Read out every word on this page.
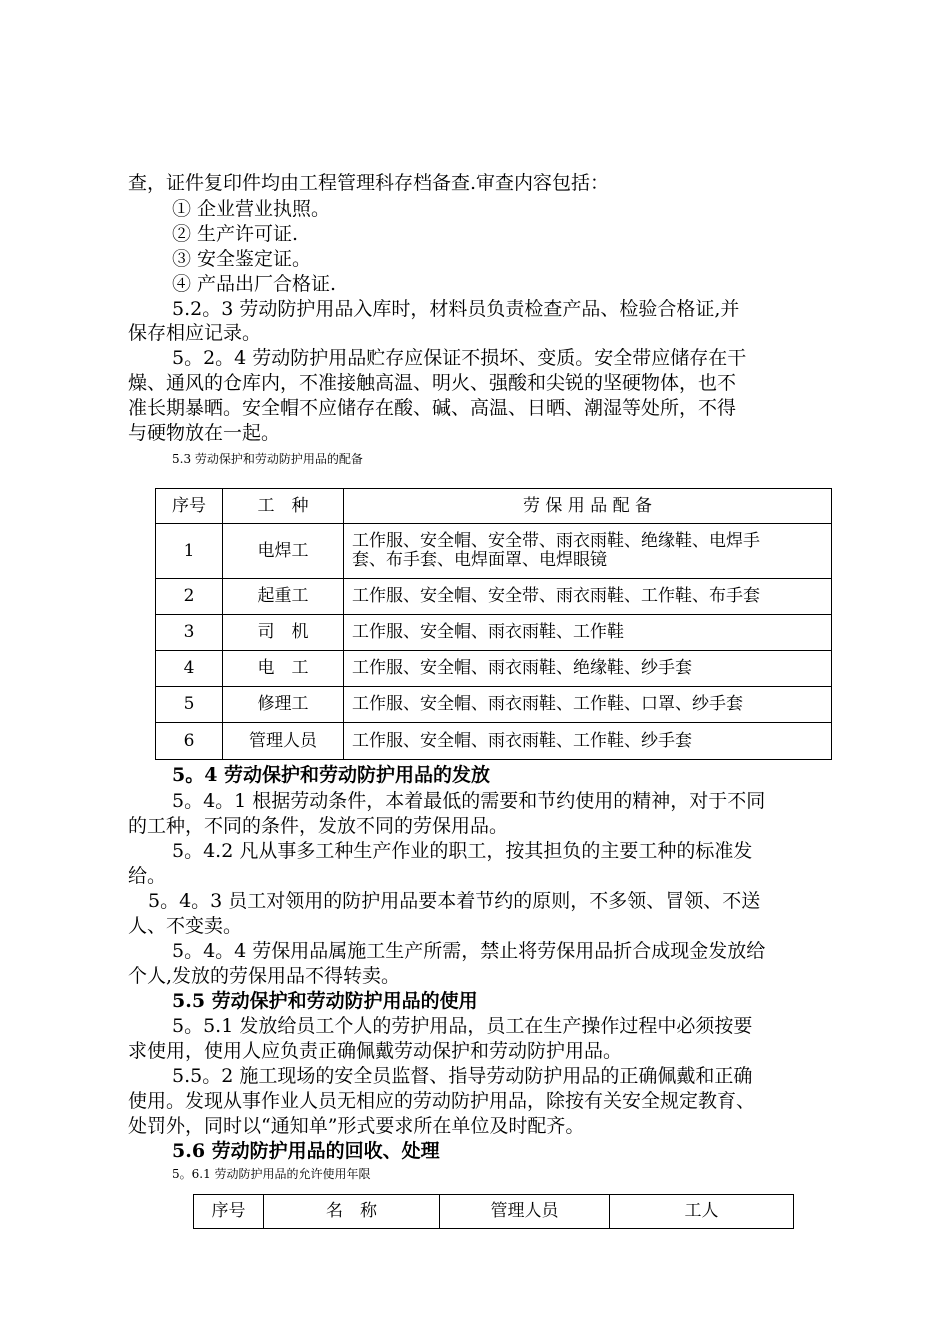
查，证件复印件均由工程管理科存档备查.审查内容包括：
① 企业营业执照。
② 生产许可证.
③ 安全鉴定证。
④ 产品出厂合格证.
5.2。3 劳动防护用品入库时，材料员负责检查产品、检验合格证,并
保存相应记录。
5。2。4 劳动防护用品贮存应保证不损坏、变质。安全带应储存在干
燥、通风的仓库内，不准接触高温、明火、强酸和尖锐的坚硬物体，也不
准长期暴晒。安全帽不应储存在酸、碱、高温、日晒、潮湿等处所，不得
与硬物放在一起。
5.3 劳动保护和劳动防护用品的配备
序号	工　种	劳 保 用 品 配 备
1	电焊工	工作服、安全帽、安全带、雨衣雨鞋、绝缘鞋、电焊手
套、布手套、电焊面罩、电焊眼镜

2	起重工	工作服、安全帽、安全带、雨衣雨鞋、工作鞋、布手套
3	司　机	工作服、安全帽、雨衣雨鞋、工作鞋
4	电　工	工作服、安全帽、雨衣雨鞋、绝缘鞋、纱手套
5	修理工	工作服、安全帽、雨衣雨鞋、工作鞋、口罩、纱手套
6	管理人员	工作服、安全帽、雨衣雨鞋、工作鞋、纱手套
5。4 劳动保护和劳动防护用品的发放
5。4。1 根据劳动条件，本着最低的需要和节约使用的精神，对于不同
的工种，不同的条件，发放不同的劳保用品。
5。4.2 凡从事多工种生产作业的职工，按其担负的主要工种的标准发
给。
5。4。3 员工对领用的防护用品要本着节约的原则，不多领、冒领、不送
人、不变卖。
5。4。4 劳保用品属施工生产所需，禁止将劳保用品折合成现金发放给
个人,发放的劳保用品不得转卖。
5.5 劳动保护和劳动防护用品的使用
5。5.1 发放给员工个人的劳护用品，员工在生产操作过程中必须按要
求使用，使用人应负责正确佩戴劳动保护和劳动防护用品。
5.5。2 施工现场的安全员监督、指导劳动防护用品的正确佩戴和正确
使用。发现从事作业人员无相应的劳动防护用品，除按有关安全规定教育、
处罚外，同时以“通知单”形式要求所在单位及时配齐。
5.6 劳动防护用品的回收、处理
5。6.1 劳动防护用品的允许使用年限
序号	名　称	管理人员	工人
